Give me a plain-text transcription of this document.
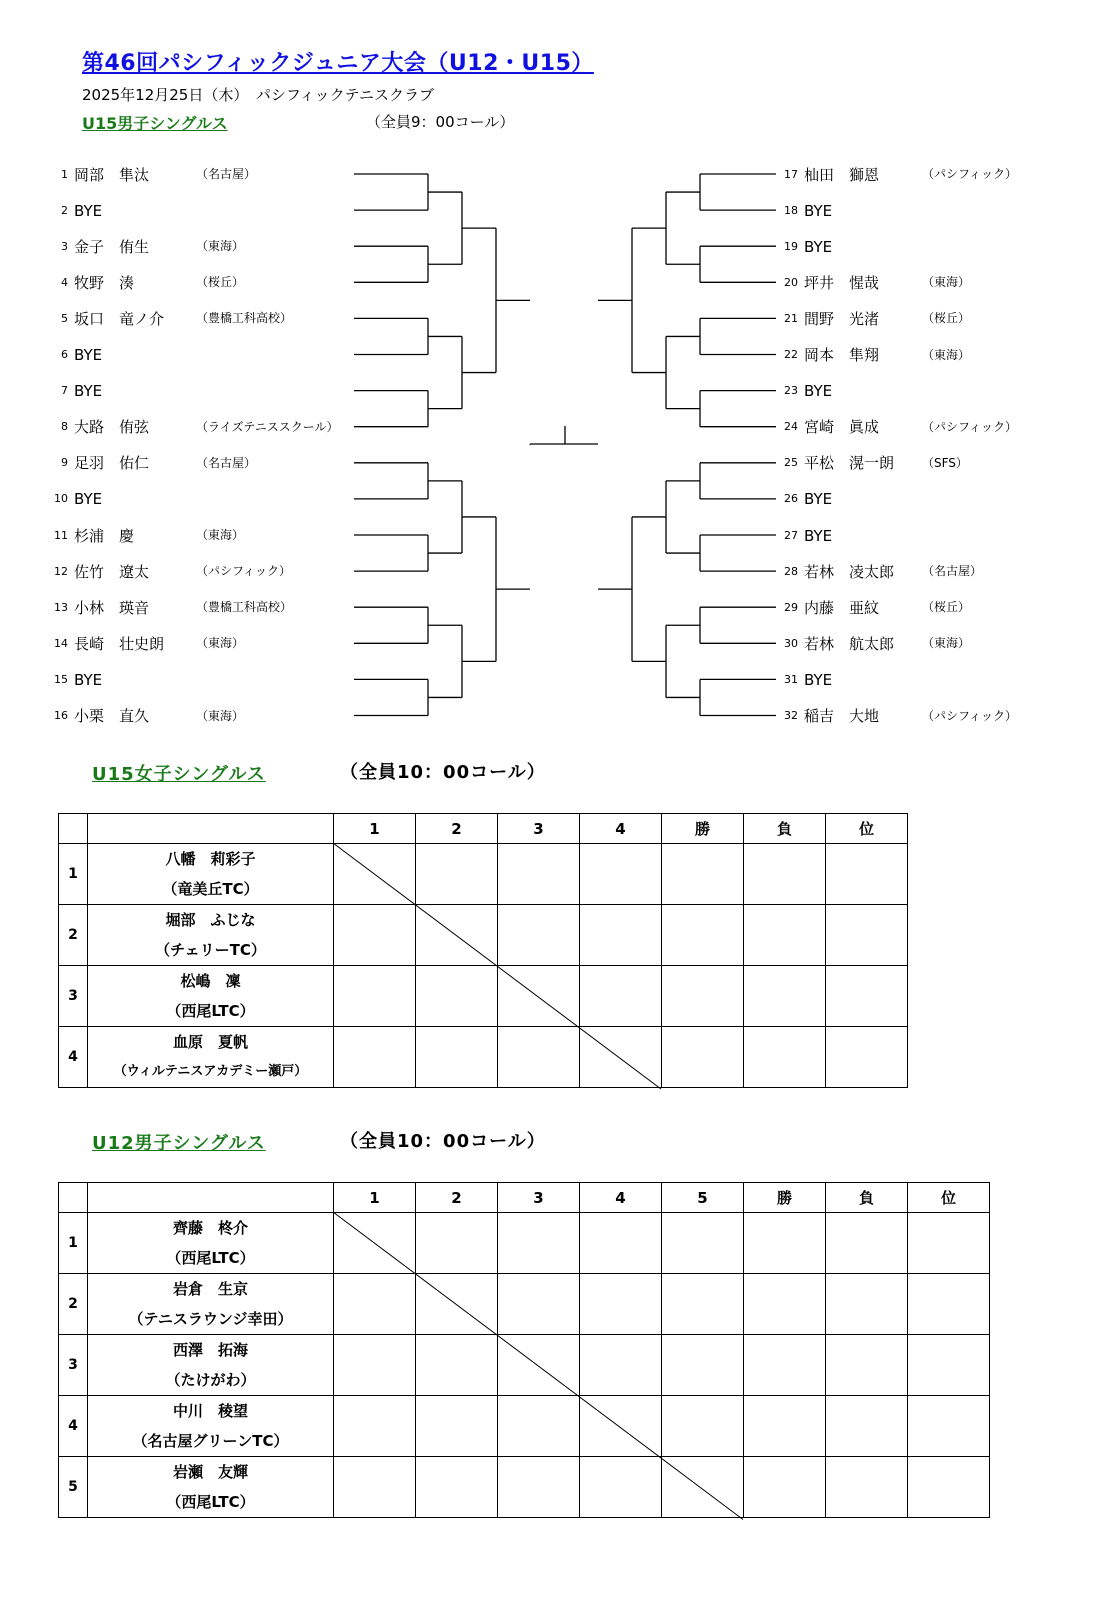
第46回パシフィックジュニア大会（U12・U15）
2025年12月25日（木）　パシフィックテニスクラブ
U15男子シングルス	（全員9：00コール）
1 岡部　隼汰	（名古屋）
2 BYE
3 金子　侑生	（東海）
4 牧野　湊	（桜丘）
5 坂口　竜ノ介	（豊橋工科高校）
6 BYE
7 BYE
8 大路　侑弦	（ライズテニススクール）
9 足羽　佑仁	（名古屋）
10 BYE
11 杉浦　慶	（東海）
12 佐竹　遼太	（パシフィック）
13 小林　瑛音	（豊橋工科高校）
14 長崎　壮史朗	（東海）
15 BYE
16 小栗　直久	（東海）
17 杣田　獅恩	（パシフィック）
18 BYE
19 BYE
20 坪井　惺哉	（東海）
21 間野　光渚	（桜丘）
22 岡本　隼翔	（東海）
23 BYE
24 宮崎　眞成	（パシフィック）
25 平松　滉一朗 （SFS）
26 BYE
27 BYE
28 若林　凌太郎 （名古屋）
29 内藤　亜紋	（桜丘）
30 若林　航太郎 （東海）
31 BYE
32 稲吉　大地	（パシフィック）
U15女子シングルス	（全員10：00コール）
		1	2	3	4	勝	負	位
1	八幡　莉彩子
（竜美丘TC）							

2	堀部　ふじな
（チェリーTC）							

3	松嶋　凜
（西尾LTC）							

4	血原　夏帆
（ウィルテニスアカデミー瀬戸）							

U12男子シングルス	（全員10：00コール）
		1	2	3	4	5	勝	負	位
1	齊藤　柊介
（西尾LTC）								

2	岩倉　生京
（テニスラウンジ幸田）								

3	西澤　拓海
（たけがわ）								

4	中川　稜望
（名古屋グリーンTC）								

5	岩瀬　友輝
（西尾LTC）								
